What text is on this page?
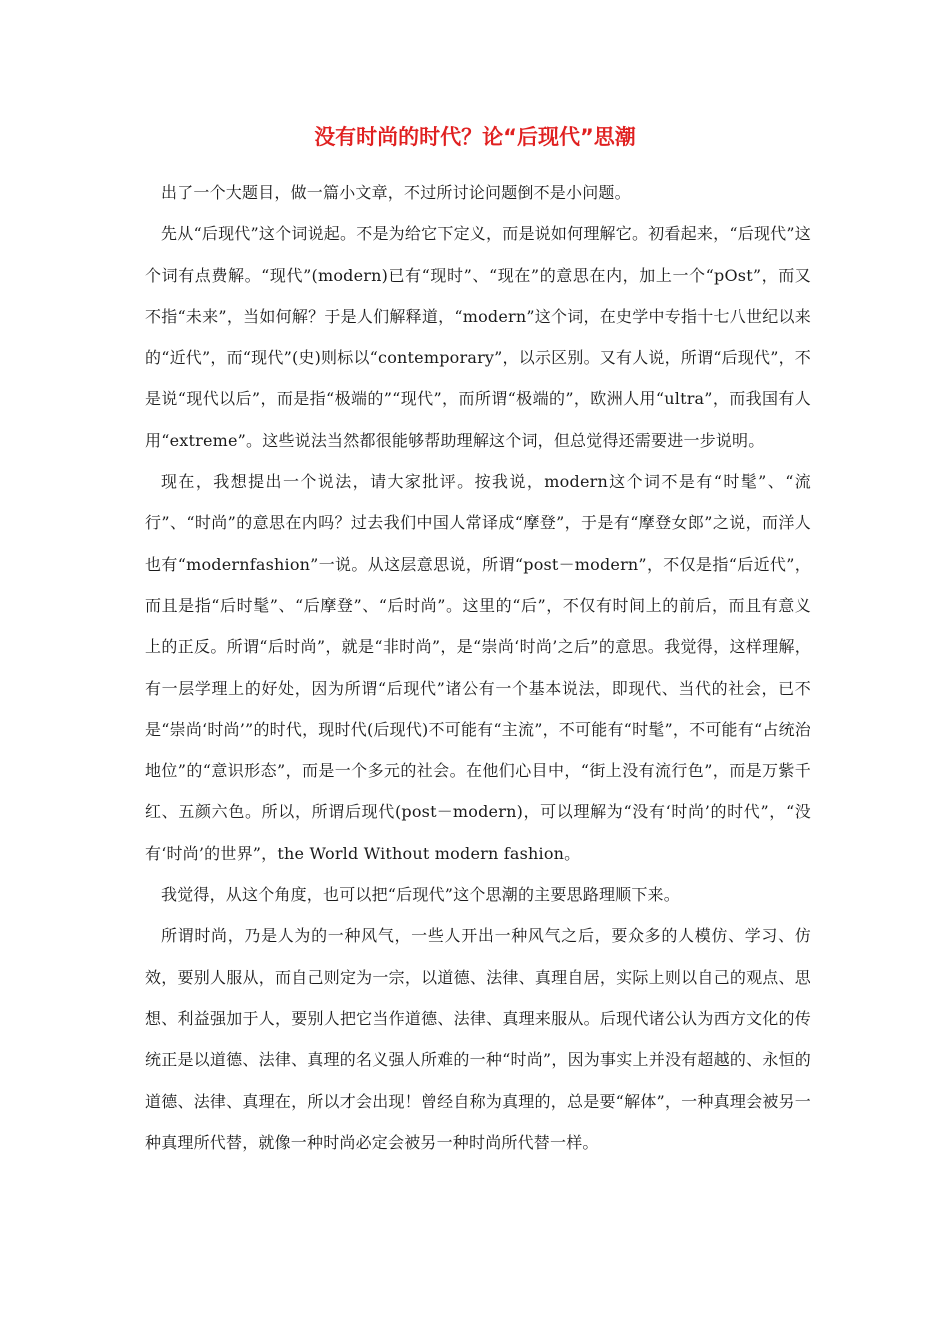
没有时尚的时代？论“后现代”思潮

出了一个大题目，做一篇小文章，不过所讨论问题倒不是小问题。

先从“后现代”这个词说起。不是为给它下定义，而是说如何理解它。初看起来，“后现代”这个词有点费解。“现代”(modern)已有“现时”、“现在”的意思在内，加上一个“pOst”，而又不指“未来”，当如何解？于是人们解释道，“modern”这个词，在史学中专指十七八世纪以来的“近代”，而“现代”(史)则标以“contemporary”，以示区别。又有人说，所谓“后现代”，不是说“现代以后”，而是指“极端的”“现代”，而所谓“极端的”，欧洲人用“ultra”，而我国有人用“extreme”。这些说法当然都很能够帮助理解这个词，但总觉得还需要进一步说明。

现在，我想提出一个说法，请大家批评。按我说，modern这个词不是有“时髦”、“流行”、“时尚”的意思在内吗？过去我们中国人常译成“摩登”，于是有“摩登女郎”之说，而洋人也有“modernfashion”一说。从这层意思说，所谓“post－modern”，不仅是指“后近代”，而且是指“后时髦”、“后摩登”、“后时尚”。这里的“后”，不仅有时间上的前后，而且有意义上的正反。所谓“后时尚”，就是“非时尚”，是“崇尚‘时尚’之后”的意思。我觉得，这样理解，有一层学理上的好处，因为所谓“后现代”诸公有一个基本说法，即现代、当代的社会，已不是“崇尚‘时尚’”的时代，现时代(后现代)不可能有“主流”，不可能有“时髦”，不可能有“占统治地位”的“意识形态”，而是一个多元的社会。在他们心目中，“街上没有流行色”，而是万紫千红、五颜六色。所以，所谓后现代(post－modern)，可以理解为“没有‘时尚’的时代”，“没有‘时尚’的世界”，the World Without modern fashion。

我觉得，从这个角度，也可以把“后现代”这个思潮的主要思路理顺下来。

所谓时尚，乃是人为的一种风气，一些人开出一种风气之后，要众多的人模仿、学习、仿效，要别人服从，而自己则定为一宗，以道德、法律、真理自居，实际上则以自己的观点、思想、利益强加于人，要别人把它当作道德、法律、真理来服从。后现代诸公认为西方文化的传统正是以道德、法律、真理的名义强人所难的一种“时尚”，因为事实上并没有超越的、永恒的道德、法律、真理在，所以才会出现！曾经自称为真理的，总是要“解体”，一种真理会被另一种真理所代替，就像一种时尚必定会被另一种时尚所代替一样。
